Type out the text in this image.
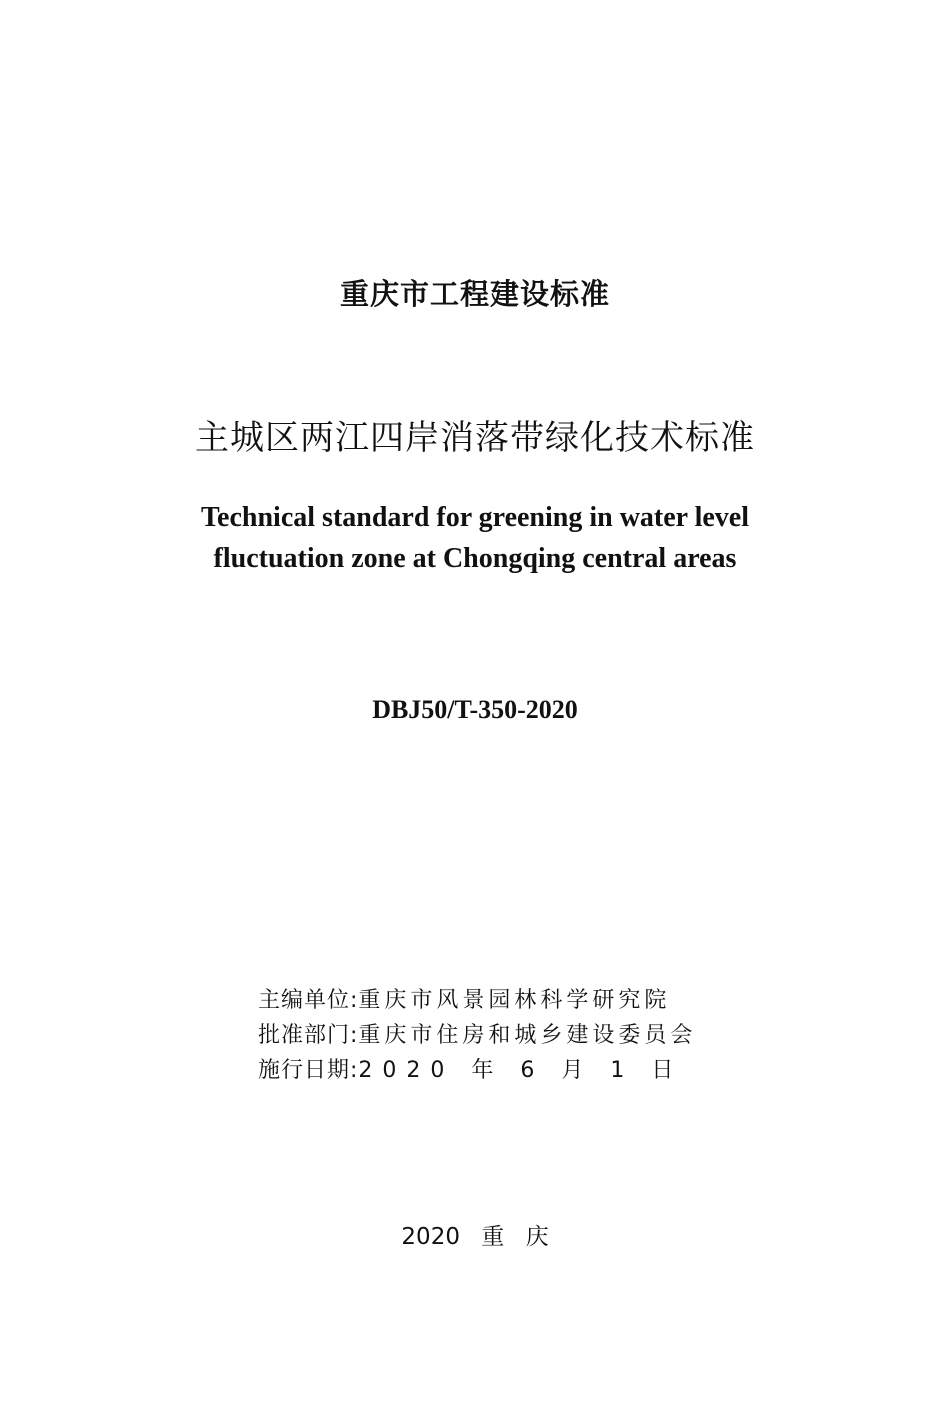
重庆市工程建设标准
主城区两江四岸消落带绿化技术标准
Technical standard for greening in water level
fluctuation zone at Chongqing central areas
DBJ50/T-350-2020
主编单位:重庆市风景园林科学研究院
批准部门:重庆市住房和城乡建设委员会
施行日期:2020 年 6 月 1 日
2020 重 庆
